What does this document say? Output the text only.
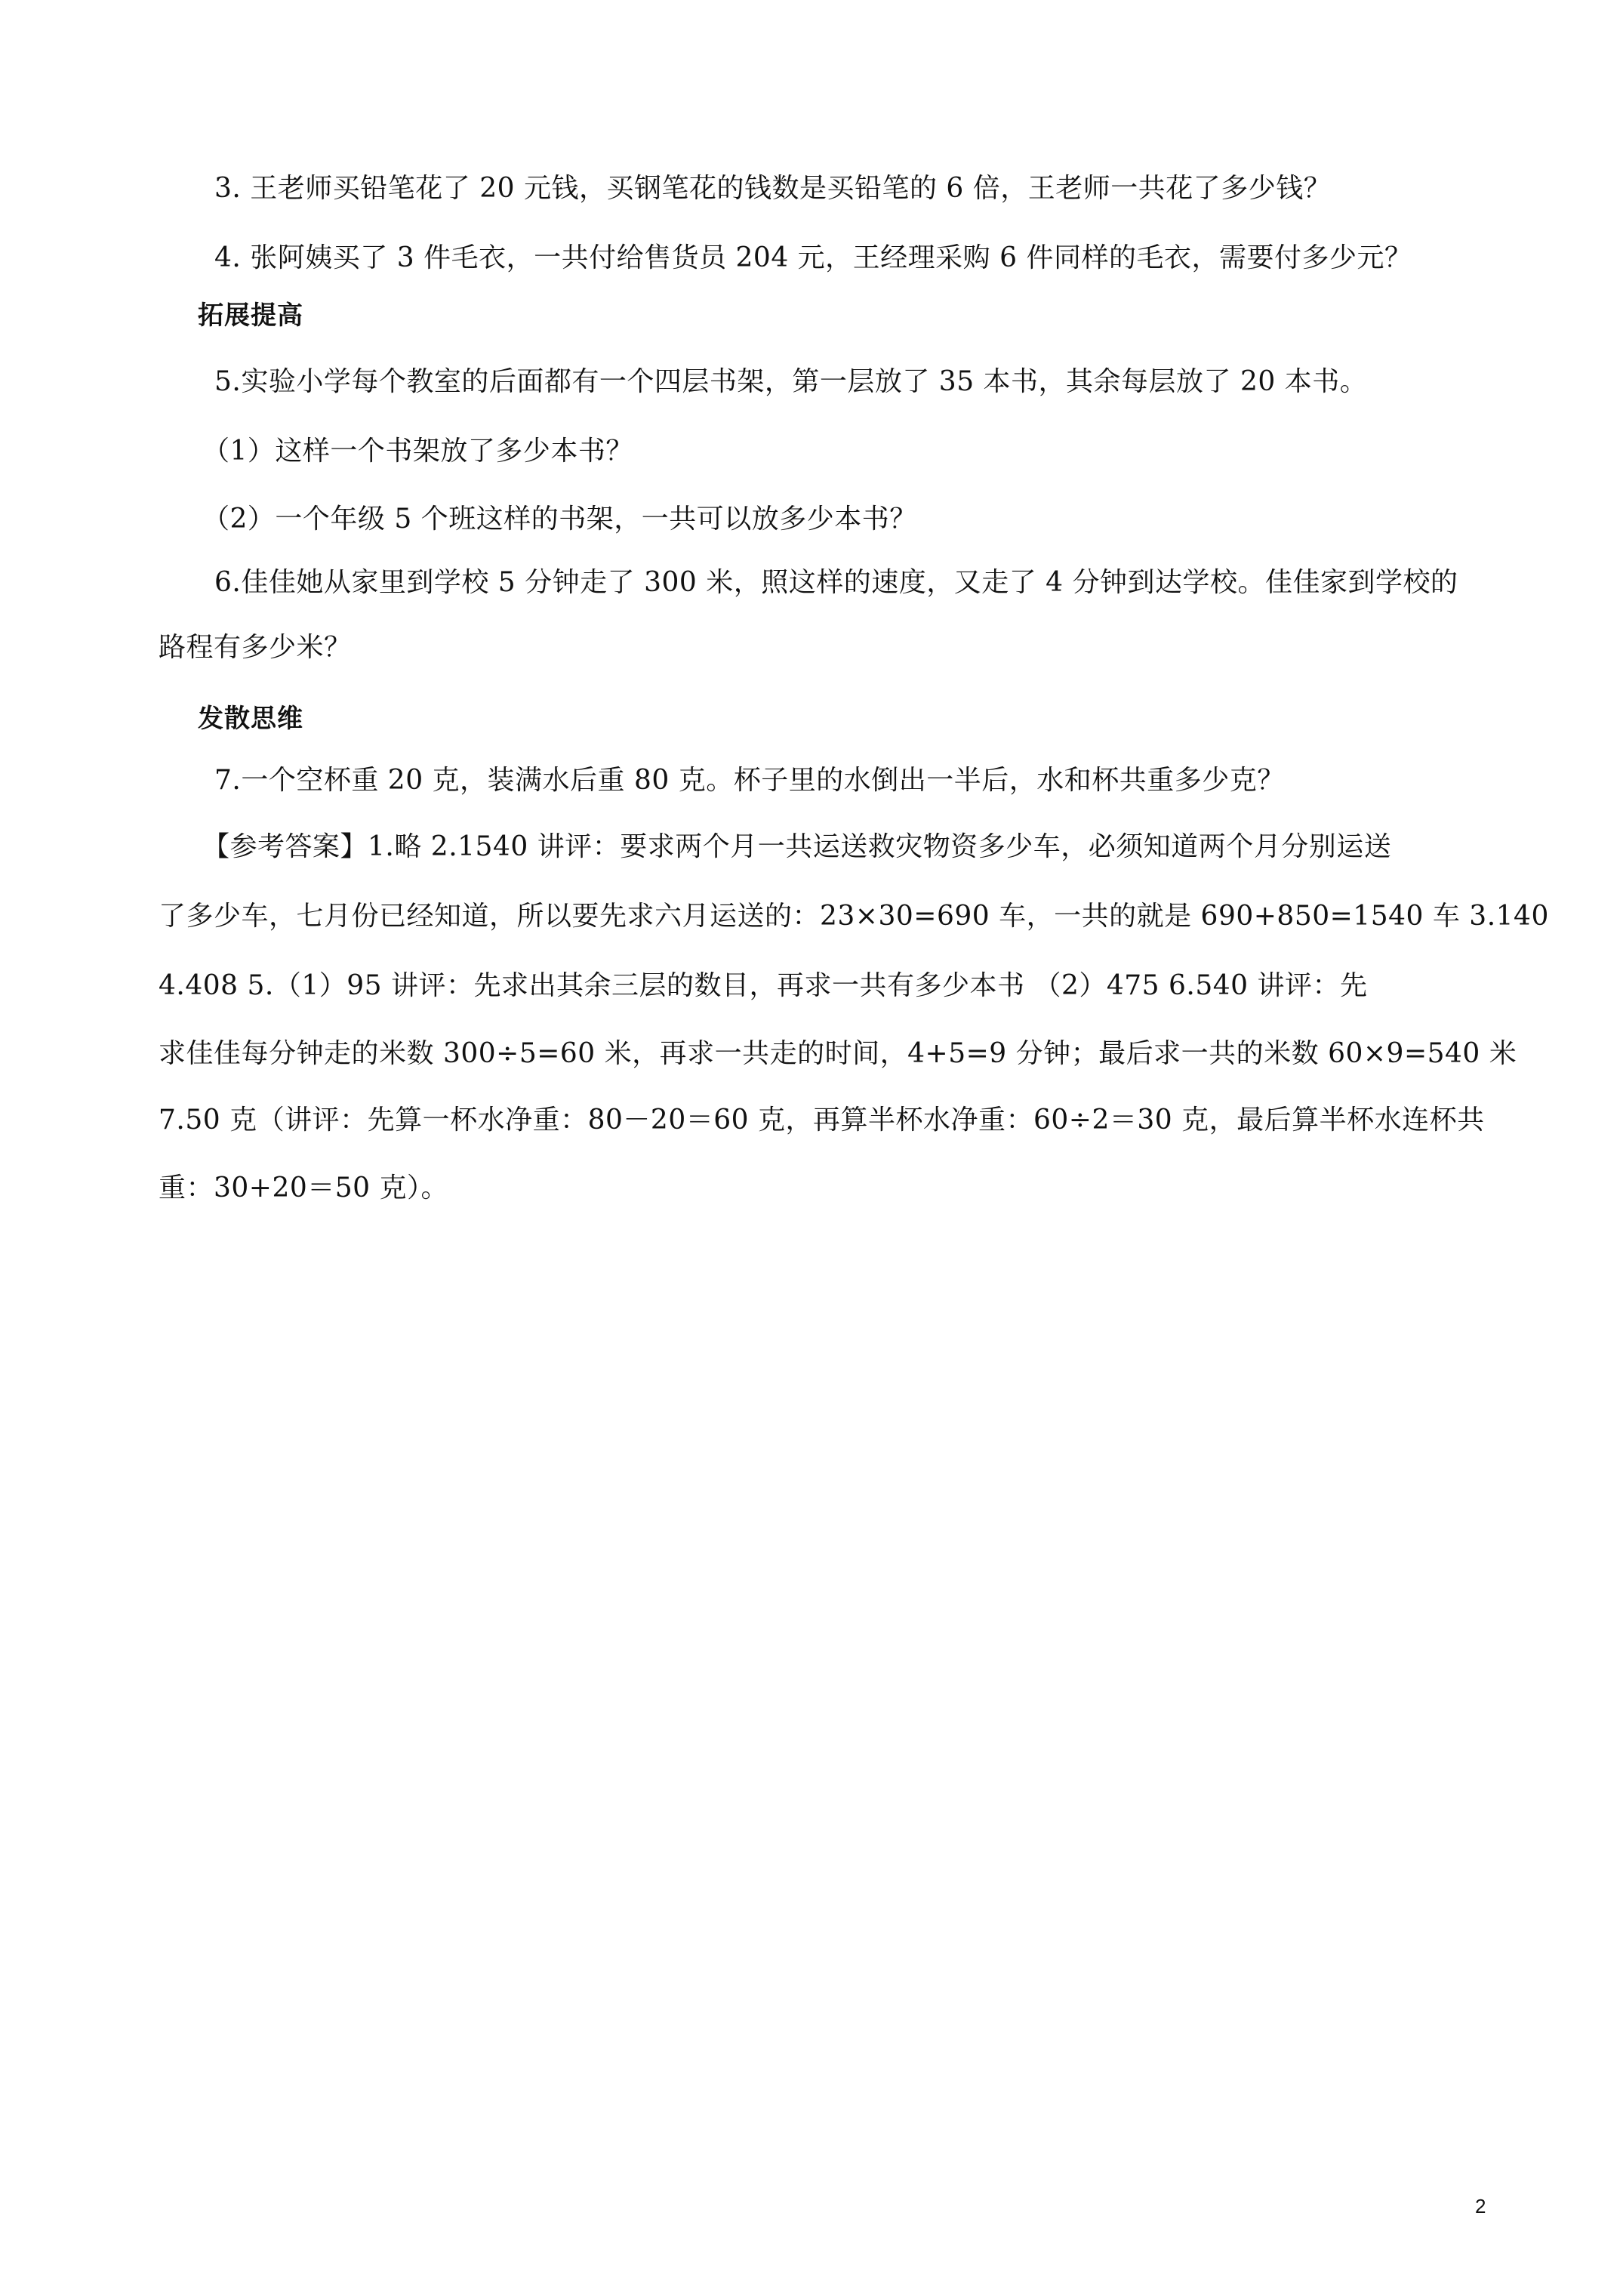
3. 王老师买铅笔花了 20 元钱，买钢笔花的钱数是买铅笔的 6 倍，王老师一共花了多少钱？
4. 张阿姨买了 3 件毛衣，一共付给售货员 204 元，王经理采购 6 件同样的毛衣，需要付多少元？
拓展提高
5.实验小学每个教室的后面都有一个四层书架，第一层放了 35 本书，其余每层放了 20 本书。
（1）这样一个书架放了多少本书？
（2）一个年级 5 个班这样的书架，一共可以放多少本书？
6.佳佳她从家里到学校 5 分钟走了 300 米，照这样的速度，又走了 4 分钟到达学校。佳佳家到学校的
路程有多少米？
发散思维
7.一个空杯重 20 克，装满水后重 80 克。杯子里的水倒出一半后，水和杯共重多少克？
【参考答案】1.略 2.1540 讲评：要求两个月一共运送救灾物资多少车，必须知道两个月分别运送
了多少车，七月份已经知道，所以要先求六月运送的：23×30=690 车，一共的就是 690+850=1540 车 3.140
4.408 5.（1）95 讲评：先求出其余三层的数目，再求一共有多少本书 （2）475 6.540 讲评：先
求佳佳每分钟走的米数 300÷5=60 米，再求一共走的时间，4+5=9 分钟；最后求一共的米数 60×9=540 米
7.50 克（讲评：先算一杯水净重：80－20＝60 克，再算半杯水净重：60÷2＝30 克，最后算半杯水连杯共
重：30+20＝50 克）。
2
